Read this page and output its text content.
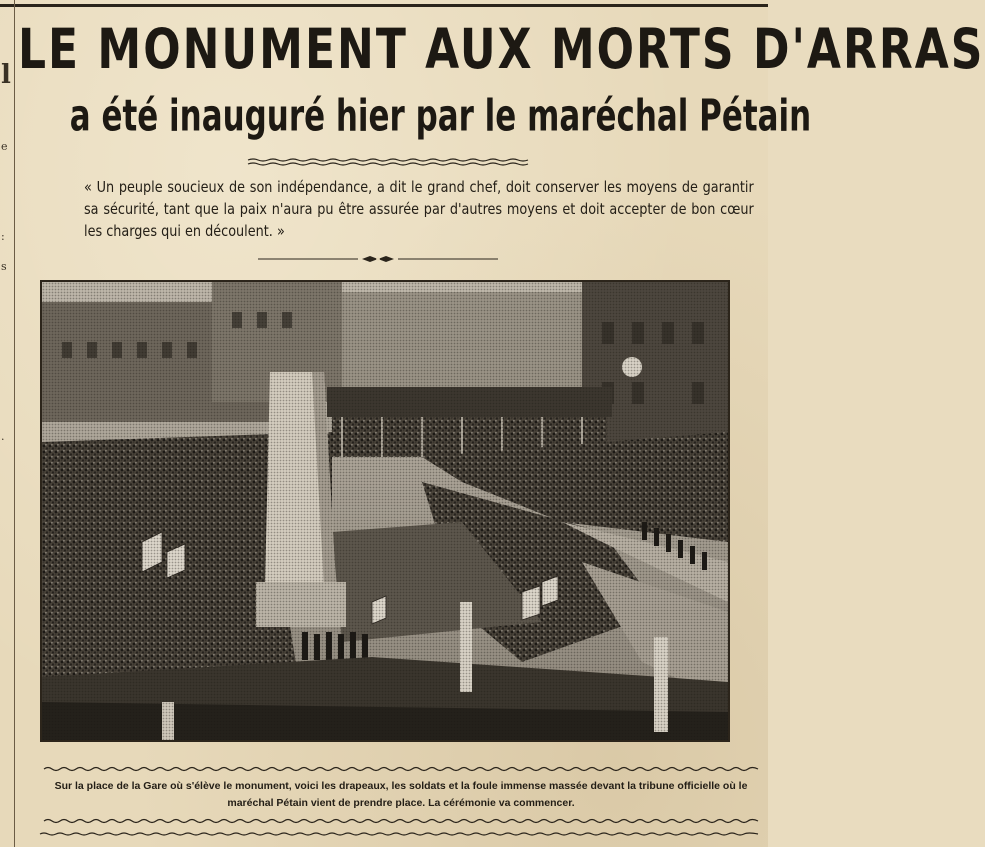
l
e
:
s
.
LE MONUMENT AUX MORTS D'ARRAS
a été inauguré hier par le maréchal Pétain

« Un peuple soucieux de son indépendance, a dit le grand chef, doit conserver les moyens de garantir sa sécurité, tant que la paix n'aura pu être assurée par d'autres moyens et doit accepter de bon cœur les charges qui en découlent. »

Sur la place de la Gare où s'élève le monument, voici les drapeaux, les soldats et la foule immense massée devant la tribune officielle où le maréchal Pétain vient de prendre place. La cérémonie va commencer.
